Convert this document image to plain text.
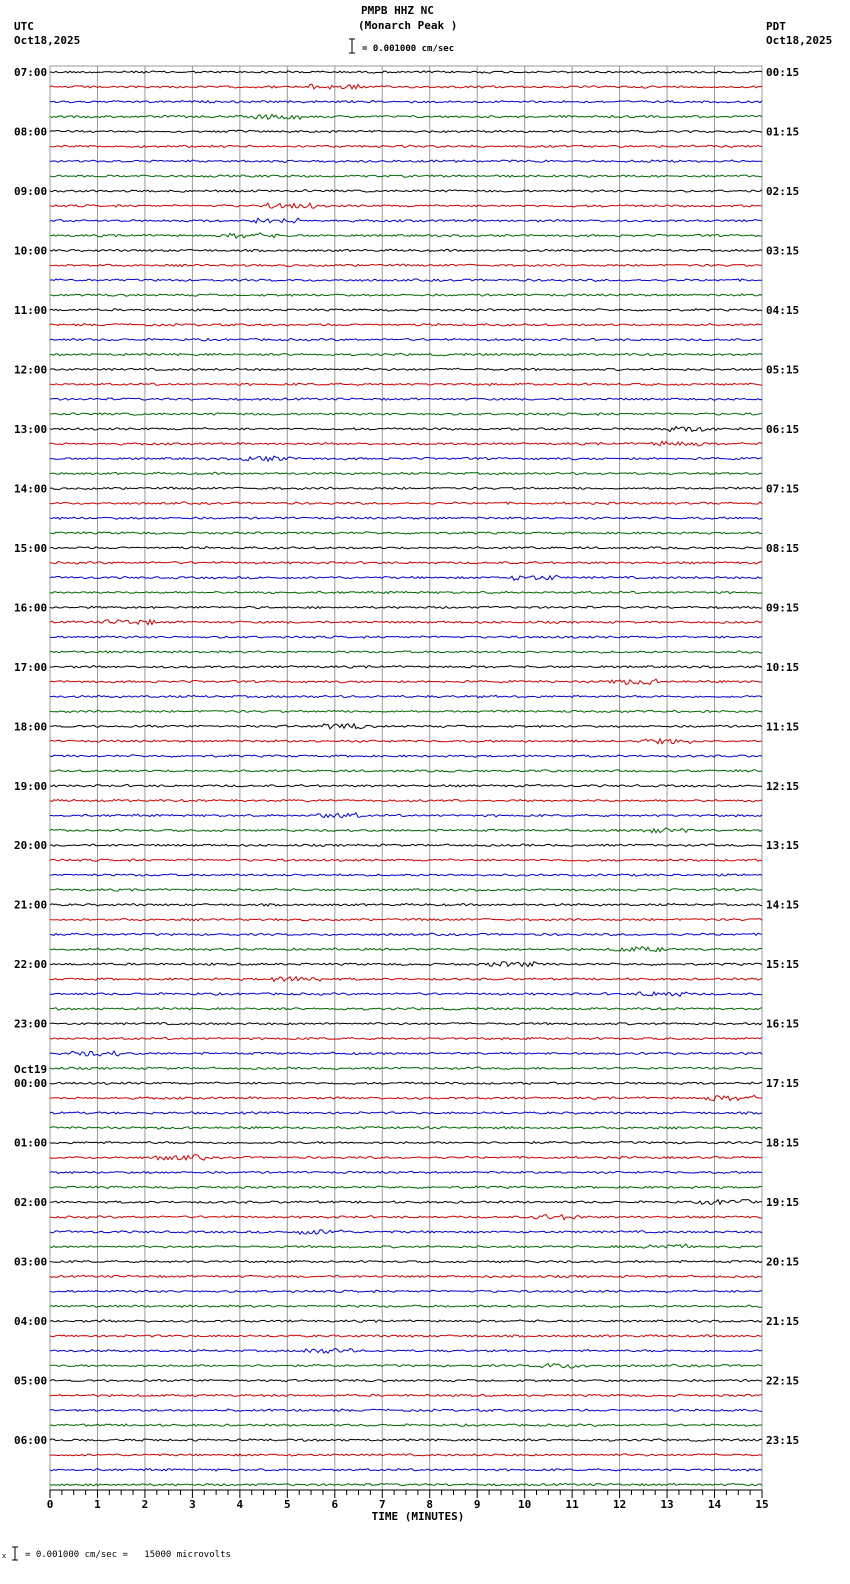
PMPB HHZ NC
(Monarch Peak )
UTC
Oct18,2025
PDT
Oct18,2025
= 0.001000 cm/sec
= 0.001000 cm/sec =   15000 microvolts
x
0	1	2	3	4	5	6	7	8	9	10	11	12	13	14	15
TIME (MINUTES)
07:00
08:00
09:00
10:00
11:00
12:00
13:00
14:00
15:00
16:00
17:00
18:00
19:00
20:00
21:00
22:00
23:00
00:00
Oct19
01:00
02:00
03:00
04:00
05:00
06:00
00:15
01:15
02:15
03:15
04:15
05:15
06:15
07:15
08:15
09:15
10:15
11:15
12:15
13:15
14:15
15:15
16:15
17:15
18:15
19:15
20:15
21:15
22:15
23:15
